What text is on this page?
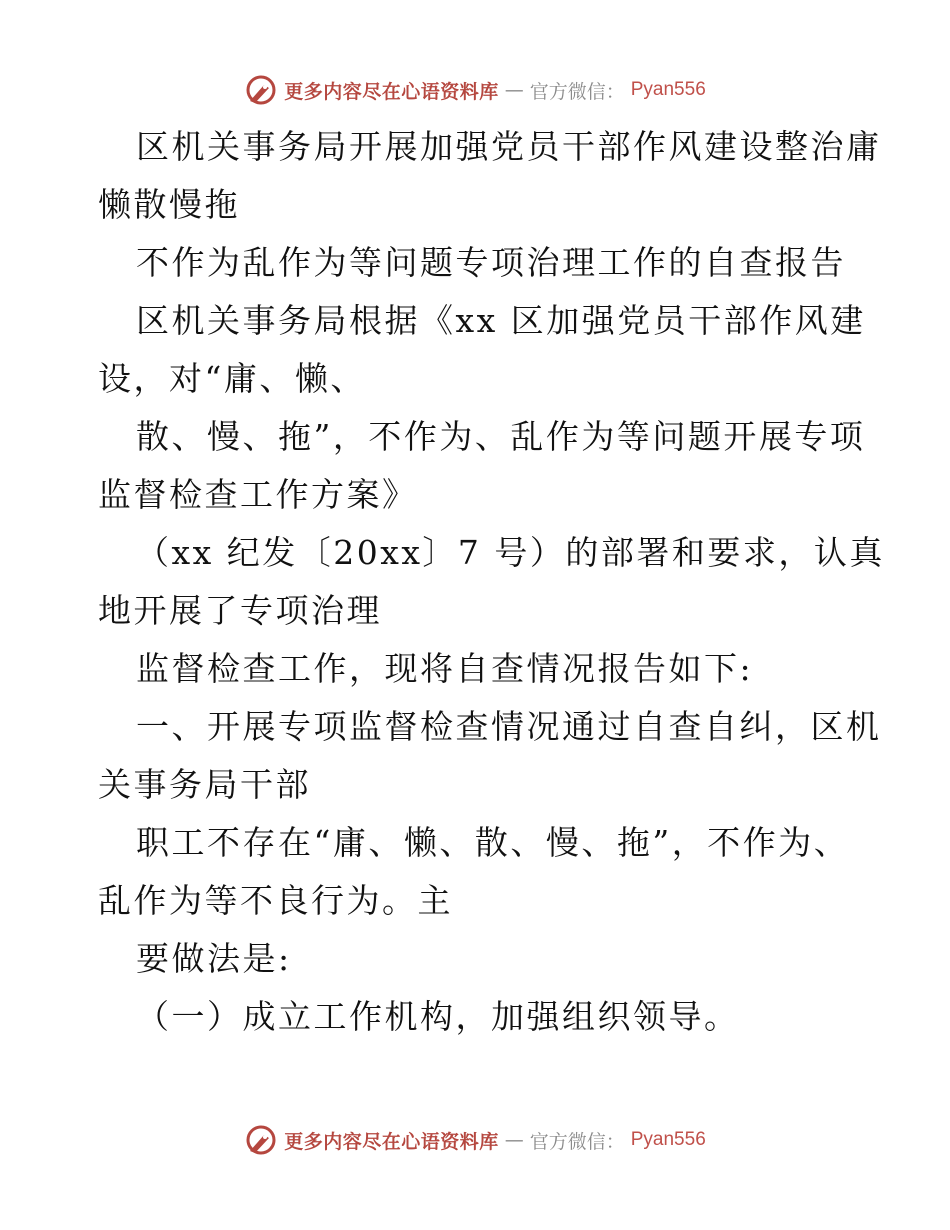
更多内容尽在心语资料库 — 官方微信： Pyan556
区机关事务局开展加强党员干部作风建设整治庸
懒散慢拖
不作为乱作为等问题专项治理工作的自查报告
区机关事务局根据《xx 区加强党员干部作风建
设，对“庸、懒、
散、慢、拖”，不作为、乱作为等问题开展专项
监督检查工作方案》
（xx 纪发〔20xx〕7 号）的部署和要求，认真
地开展了专项治理
监督检查工作，现将自查情况报告如下:
一、开展专项监督检查情况通过自查自纠，区机
关事务局干部
职工不存在“庸、懒、散、慢、拖”，不作为、
乱作为等不良行为。主
要做法是:
（一）成立工作机构，加强组织领导。
更多内容尽在心语资料库 — 官方微信： Pyan556
